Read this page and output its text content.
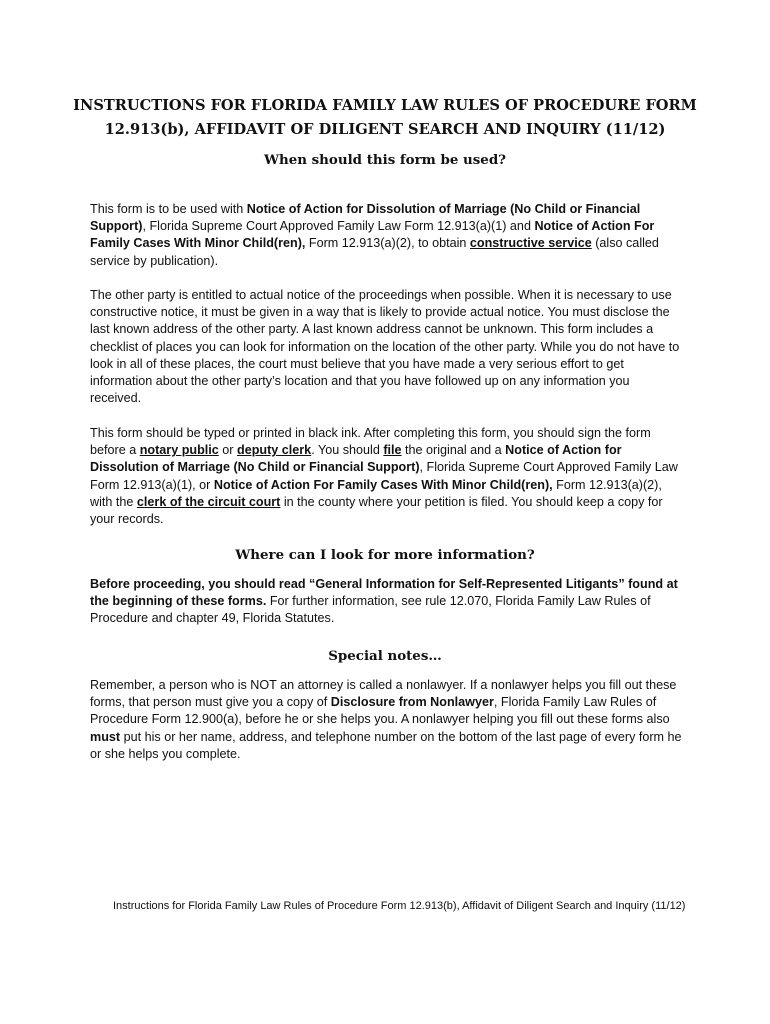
INSTRUCTIONS FOR FLORIDA FAMILY LAW RULES OF PROCEDURE FORM 12.913(b), AFFIDAVIT OF DILIGENT SEARCH AND INQUIRY (11/12)
When should this form be used?

This form is to be used with Notice of Action for Dissolution of Marriage (No Child or Financial Support), Florida Supreme Court Approved Family Law Form 12.913(a)(1) and Notice of Action For Family Cases With Minor Child(ren), Form 12.913(a)(2), to obtain constructive service (also called service by publication).

The other party is entitled to actual notice of the proceedings when possible. When it is necessary to use constructive notice, it must be given in a way that is likely to provide actual notice. You must disclose the last known address of the other party. A last known address cannot be unknown. This form includes a checklist of places you can look for information on the location of the other party. While you do not have to look in all of these places, the court must believe that you have made a very serious effort to get information about the other party’s location and that you have followed up on any information you received.

This form should be typed or printed in black ink. After completing this form, you should sign the form before a notary public or deputy clerk. You should file the original and a Notice of Action for Dissolution of Marriage (No Child or Financial Support), Florida Supreme Court Approved Family Law Form 12.913(a)(1), or Notice of Action For Family Cases With Minor Child(ren), Form 12.913(a)(2), with the clerk of the circuit court in the county where your petition is filed. You should keep a copy for your records.

Where can I look for more information?

Before proceeding, you should read “General Information for Self-Represented Litigants” found at the beginning of these forms. For further information, see rule 12.070, Florida Family Law Rules of Procedure and chapter 49, Florida Statutes.

Special notes…

Remember, a person who is NOT an attorney is called a nonlawyer. If a nonlawyer helps you fill out these forms, that person must give you a copy of Disclosure from Nonlawyer, Florida Family Law Rules of Procedure Form 12.900(a), before he or she helps you. A nonlawyer helping you fill out these forms also must put his or her name, address, and telephone number on the bottom of the last page of every form he or she helps you complete.

Instructions for Florida Family Law Rules of Procedure Form 12.913(b), Affidavit of Diligent Search and Inquiry (11/12)
